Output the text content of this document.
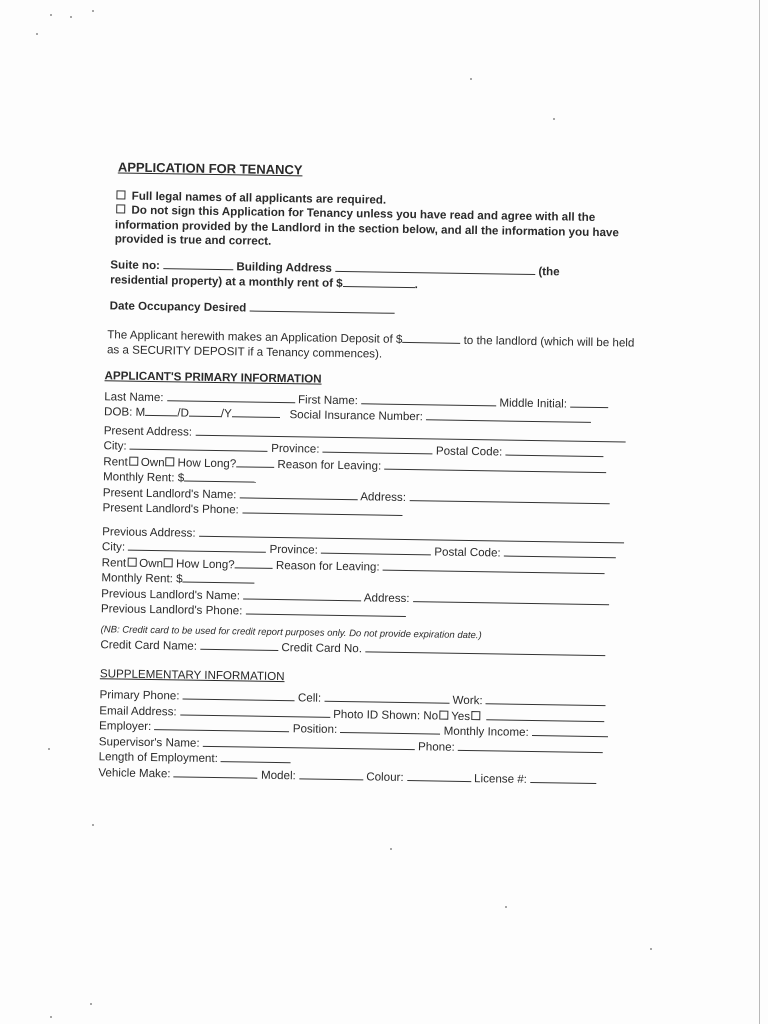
APPLICATION FOR TENANCY
Full legal names of all applicants are required.
Do not sign this Application for Tenancy unless you have read and agree with all the information provided by the Landlord in the section below, and all the information you have provided is true and correct.
Suite no:	Building Address	(the
residential property) at a monthly rent of $	.
Date Occupancy Desired
The Applicant herewith makes an Application Deposit of $	to the landlord (which will be held as a SECURITY DEPOSIT if a Tenancy commences).
APPLICANT'S PRIMARY INFORMATION
Last Name:	First Name:	Middle Initial:
DOB: M	/D	/Y	Social Insurance Number:
Present Address:
City:	Province:	Postal Code:
Rent Own How Long?	Reason for Leaving:
Monthly Rent: $
Present Landlord's Name:	Address:
Present Landlord's Phone:
Previous Address:
City:	Province:	Postal Code:
Rent Own How Long?	Reason for Leaving:
Monthly Rent: $
Previous Landlord's Name:	Address:
Previous Landlord's Phone:
(NB: Credit card to be used for credit report purposes only. Do not provide expiration date.)
Credit Card Name:	Credit Card No.
SUPPLEMENTARY INFORMATION
Primary Phone:	Cell:	Work:
Email Address:	Photo ID Shown: No Yes
Employer:	Position:	Monthly Income:
Supervisor's Name:	Phone:
Length of Employment:
Vehicle Make:	Model:	Colour:	License #:
